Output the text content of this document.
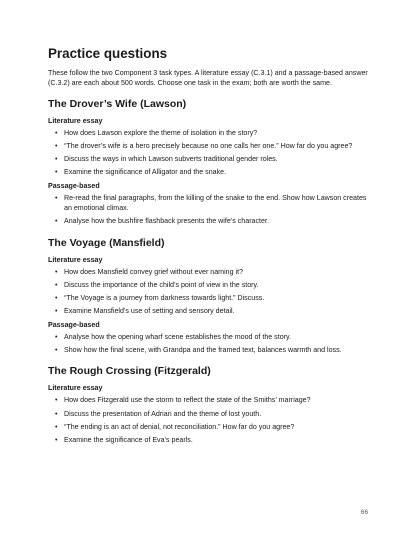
Practice questions

These follow the two Component 3 task types. A literature essay (C.3.1) and a passage-based answer (C.3.2) are each about 500 words. Choose one task in the exam; both are worth the same.

The Drover’s Wife (Lawson)
Literature essay
• How does Lawson explore the theme of isolation in the story?
• “The drover’s wife is a hero precisely because no one calls her one.” How far do you agree?
• Discuss the ways in which Lawson subverts traditional gender roles.
• Examine the significance of Alligator and the snake.
Passage-based
• Re-read the final paragraphs, from the killing of the snake to the end. Show how Lawson creates an emotional climax.
• Analyse how the bushfire flashback presents the wife’s character.
The Voyage (Mansfield)
Literature essay
• How does Mansfield convey grief without ever naming it?
• Discuss the importance of the child’s point of view in the story.
• “The Voyage is a journey from darkness towards light.” Discuss.
• Examine Mansfield’s use of setting and sensory detail.
Passage-based
• Analyse how the opening wharf scene establishes the mood of the story.
• Show how the final scene, with Grandpa and the framed text, balances warmth and loss.
The Rough Crossing (Fitzgerald)
Literature essay
• How does Fitzgerald use the storm to reflect the state of the Smiths’ marriage?
• Discuss the presentation of Adrian and the theme of lost youth.
• “The ending is an act of denial, not reconciliation.” How far do you agree?
• Examine the significance of Eva’s pearls.
66
